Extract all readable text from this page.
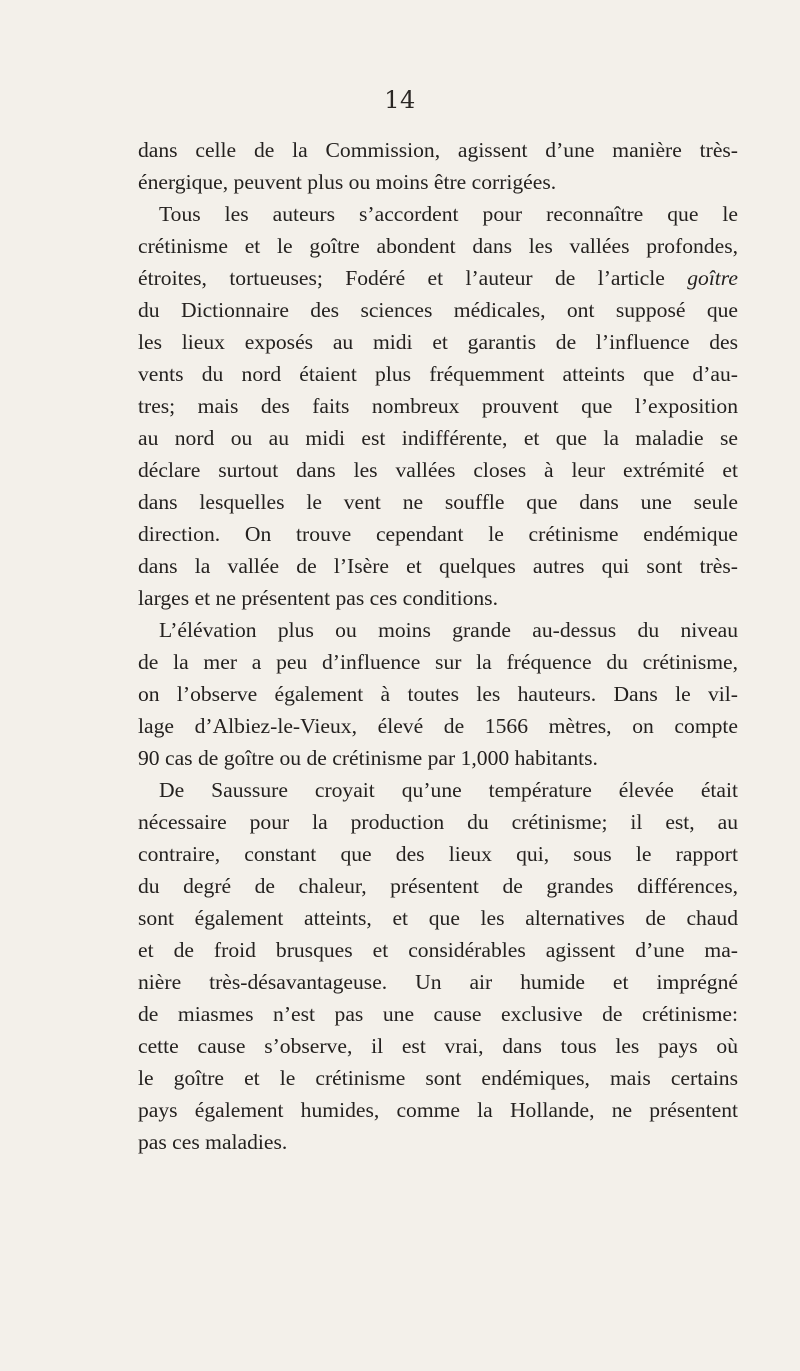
14
dans celle de la Commission, agissent d’une manière très-
énergique, peuvent plus ou moins être corrigées.
Tous les auteurs s’accordent pour reconnaître que le
crétinisme et le goître abondent dans les vallées profondes,
étroites, tortueuses; Fodéré et l’auteur de l’article goître
du Dictionnaire des sciences médicales, ont supposé que
les lieux exposés au midi et garantis de l’influence des
vents du nord étaient plus fréquemment atteints que d’au-
tres; mais des faits nombreux prouvent que l’exposition
au nord ou au midi est indifférente, et que la maladie se
déclare surtout dans les vallées closes à leur extrémité et
dans lesquelles le vent ne souffle que dans une seule
direction. On trouve cependant le crétinisme endémique
dans la vallée de l’Isère et quelques autres qui sont très-
larges et ne présentent pas ces conditions.
L’élévation plus ou moins grande au-dessus du niveau
de la mer a peu d’influence sur la fréquence du crétinisme,
on l’observe également à toutes les hauteurs. Dans le vil-
lage d’Albiez-le-Vieux, élevé de 1566 mètres, on compte
90 cas de goître ou de crétinisme par 1,000 habitants.
De Saussure croyait qu’une température élevée était
nécessaire pour la production du crétinisme; il est, au
contraire, constant que des lieux qui, sous le rapport
du degré de chaleur, présentent de grandes différences,
sont également atteints, et que les alternatives de chaud
et de froid brusques et considérables agissent d’une ma-
nière très-désavantageuse. Un air humide et imprégné
de miasmes n’est pas une cause exclusive de crétinisme:
cette cause s’observe, il est vrai, dans tous les pays où
le goître et le crétinisme sont endémiques, mais certains
pays également humides, comme la Hollande, ne présentent
pas ces maladies.
